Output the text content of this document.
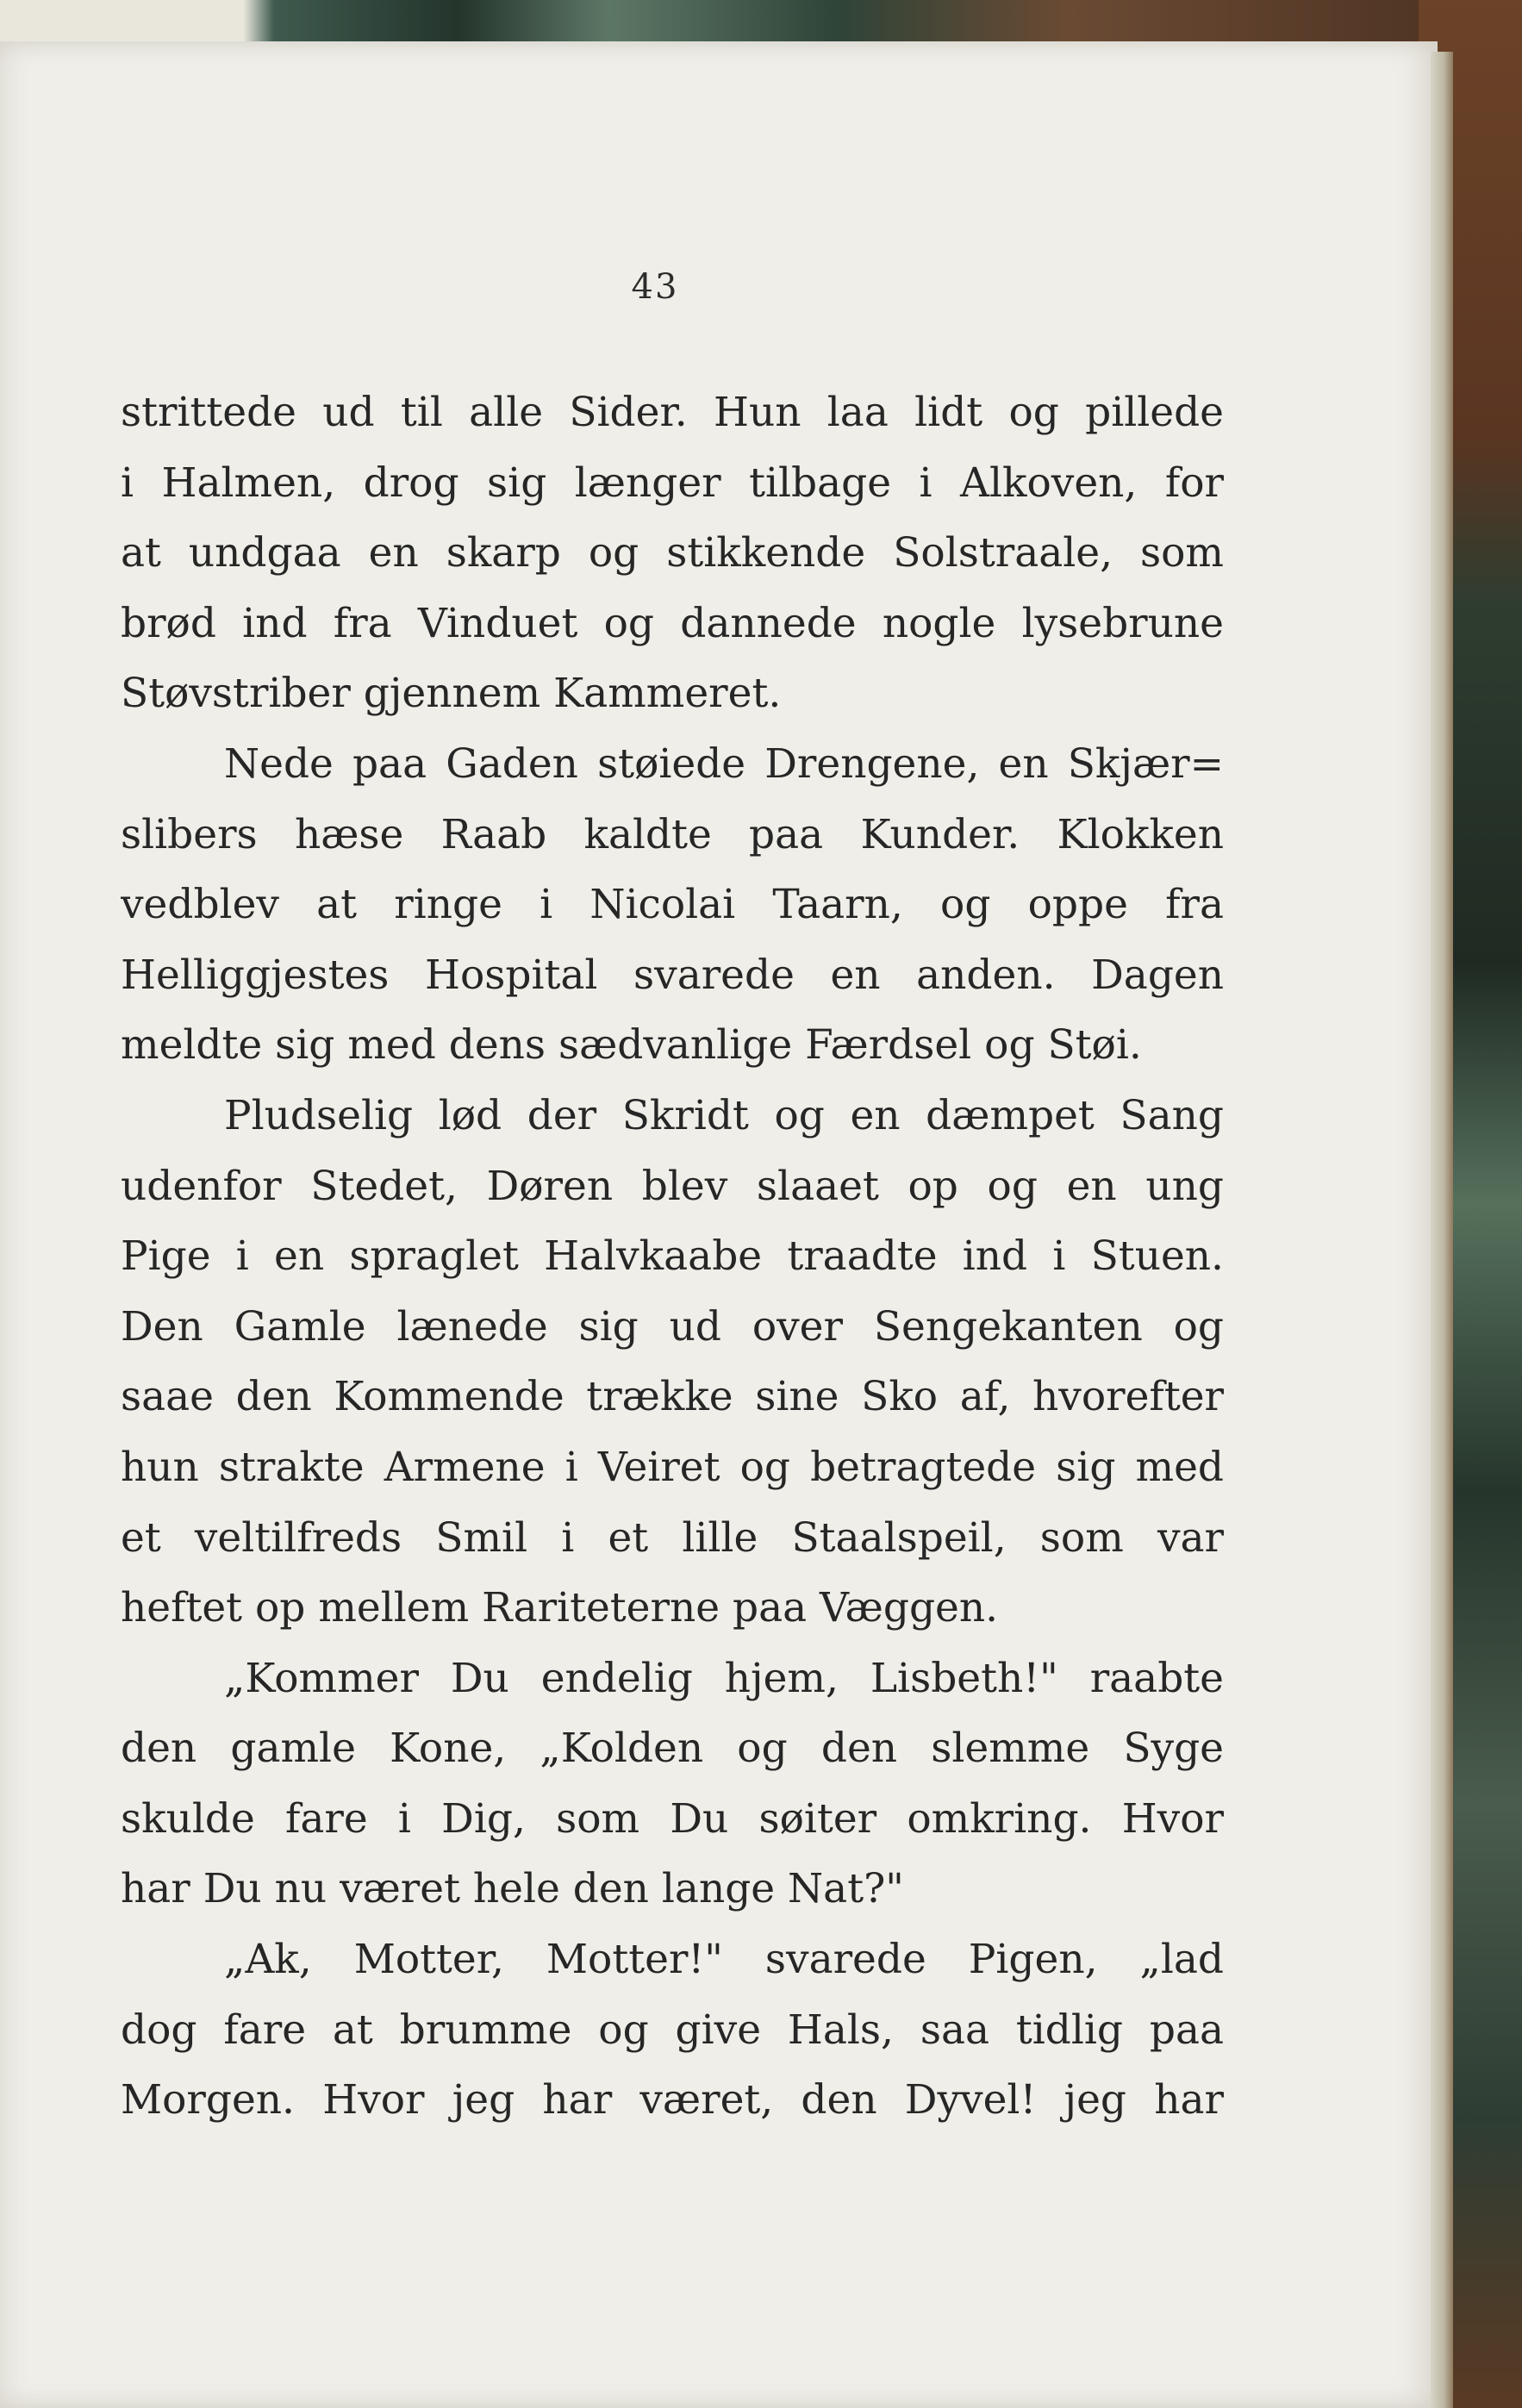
43
strittede ud til alle Sider. Hun laa lidt og pillede
i Halmen, drog sig længer tilbage i Alkoven, for
at undgaa en skarp og stikkende Solstraale, som
brød ind fra Vinduet og dannede nogle lysebrune
Støvstriber gjennem Kammeret.
Nede paa Gaden støiede Drengene, en Skjær=
slibers hæse Raab kaldte paa Kunder. Klokken
vedblev at ringe i Nicolai Taarn, og oppe fra
Helliggjestes Hospital svarede en anden. Dagen
meldte sig med dens sædvanlige Færdsel og Støi.
Pludselig lød der Skridt og en dæmpet Sang
udenfor Stedet, Døren blev slaaet op og en ung
Pige i en spraglet Halvkaabe traadte ind i Stuen.
Den Gamle lænede sig ud over Sengekanten og
saae den Kommende trække sine Sko af, hvorefter
hun strakte Armene i Veiret og betragtede sig med
et veltilfreds Smil i et lille Staalspeil, som var
heftet op mellem Rariteterne paa Væggen.
„Kommer Du endelig hjem, Lisbeth!" raabte
den gamle Kone, „Kolden og den slemme Syge
skulde fare i Dig, som Du søiter omkring. Hvor
har Du nu været hele den lange Nat?"
„Ak, Motter, Motter!" svarede Pigen, „lad
dog fare at brumme og give Hals, saa tidlig paa
Morgen. Hvor jeg har været, den Dyvel! jeg har
